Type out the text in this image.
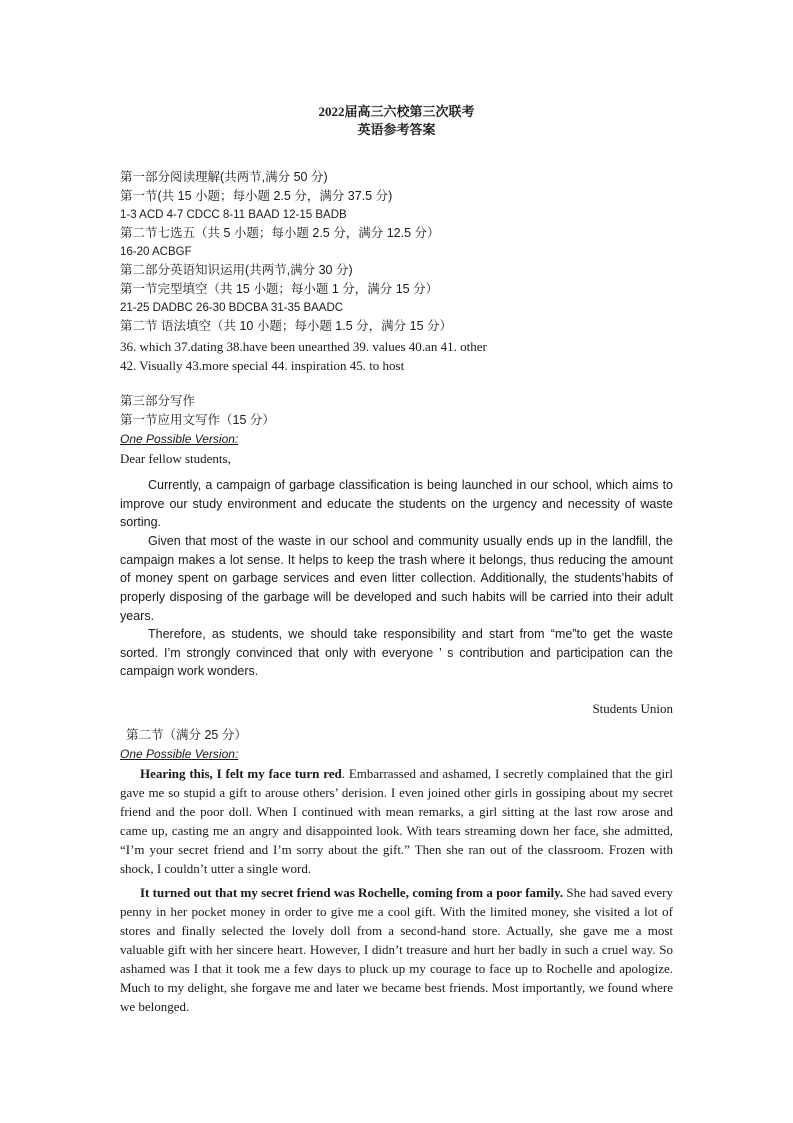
2022届高三六校第三次联考
英语参考答案
第一部分阅读理解(共两节,满分 50 分)
第一节(共 15 小题；每小题 2.5 分，满分 37.5 分)
1-3 ACD 4-7 CDCC 8-11 BAAD 12-15 BADB
第二节七选五（共 5 小题；每小题 2.5 分，满分 12.5 分）
16-20 ACBGF
第二部分英语知识运用(共两节,满分 30 分)
第一节完型填空（共 15 小题；每小题 1 分，满分 15 分）
21-25 DADBC 26-30 BDCBA 31-35 BAADC
第二节 语法填空（共 10 小题；每小题 1.5 分，满分 15 分）
36. which 37.dating 38.have been unearthed 39. values 40.an 41. other
42. Visually 43.more special 44. inspiration 45. to host
第三部分写作
第一节应用文写作（15 分）
One Possible Version:
Dear fellow students,

Currently, a campaign of garbage classification is being launched in our school, which aims to improve our study environment and educate the students on the urgency and necessity of waste sorting.

Given that most of the waste in our school and community usually ends up in the landfill, the campaign makes a lot sense. It helps to keep the trash where it belongs, thus reducing the amount of money spent on garbage services and even litter collection. Additionally, the students’habits of properly disposing of the garbage will be developed and such habits will be carried into their adult years.

Therefore, as students, we should take responsibility and start from “me”to get the waste sorted. I’m strongly convinced that only with everyone ’ s contribution and participation can the campaign work wonders.

Students Union
第二节（满分 25 分）
One Possible Version:

Hearing this, I felt my face turn red. Embarrassed and ashamed, I secretly complained that the girl gave me so stupid a gift to arouse others’ derision. I even joined other girls in gossiping about my secret friend and the poor doll. When I continued with mean remarks, a girl sitting at the last row arose and came up, casting me an angry and disappointed look. With tears streaming down her face, she admitted, “I’m your secret friend and I’m sorry about the gift.” Then she ran out of the classroom. Frozen with shock, I couldn’t utter a single word.

It turned out that my secret friend was Rochelle, coming from a poor family. She had saved every penny in her pocket money in order to give me a cool gift. With the limited money, she visited a lot of stores and finally selected the lovely doll from a second-hand store. Actually, she gave me a most valuable gift with her sincere heart. However, I didn’t treasure and hurt her badly in such a cruel way. So ashamed was I that it took me a few days to pluck up my courage to face up to Rochelle and apologize. Much to my delight, she forgave me and later we became best friends. Most importantly, we found where we belonged.
